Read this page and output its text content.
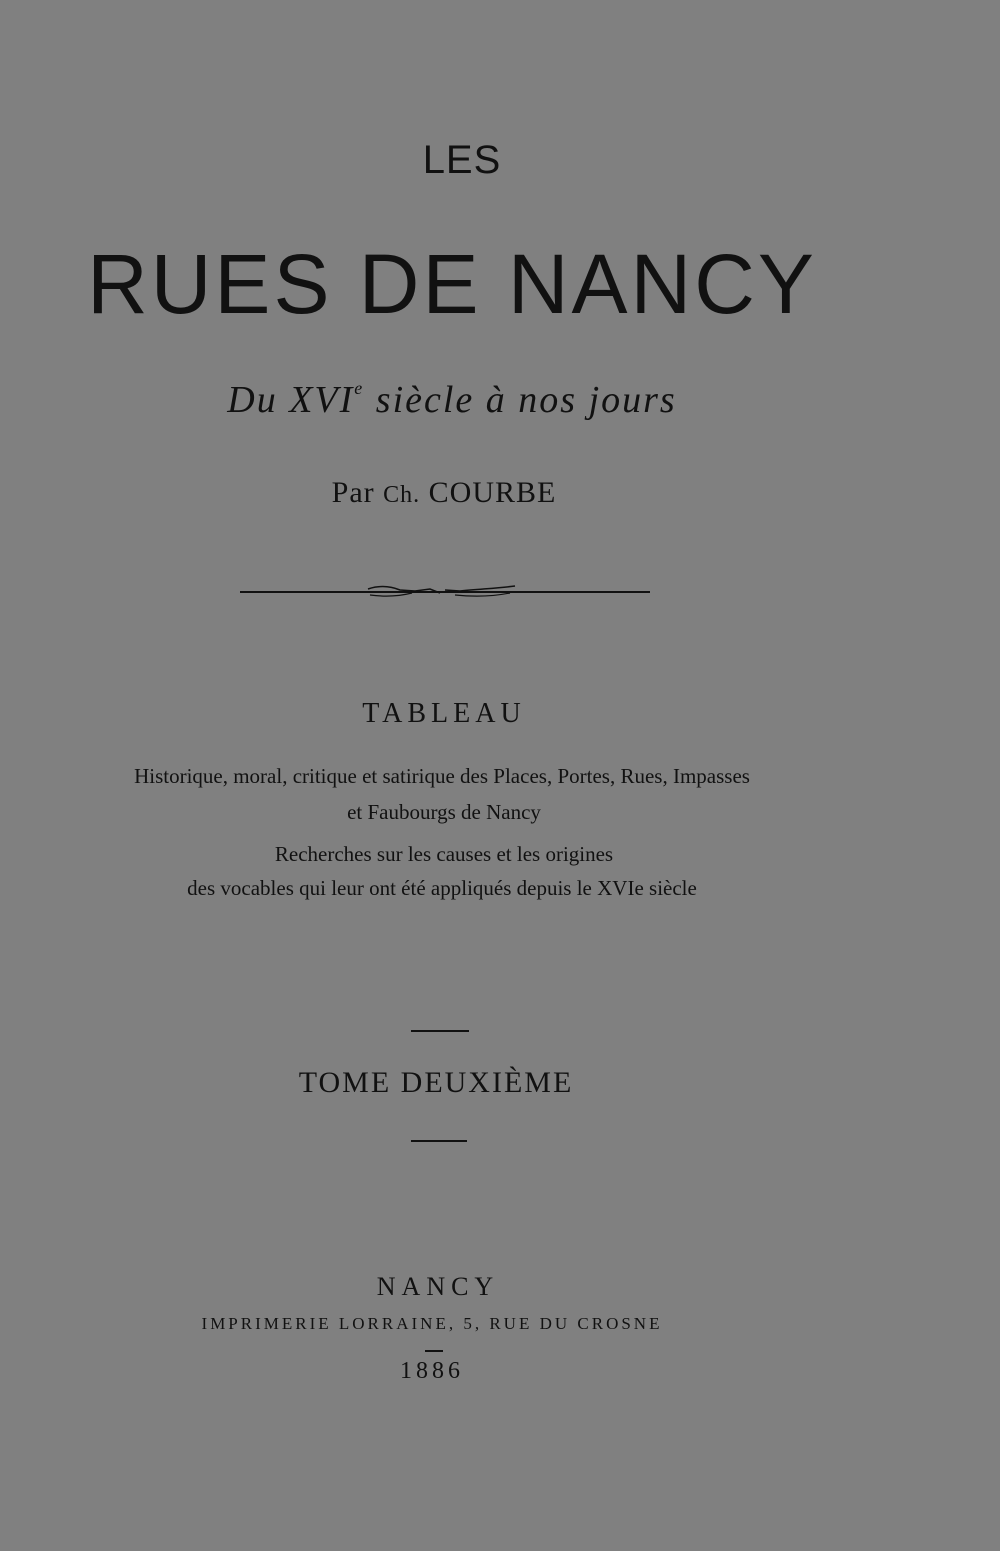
LES
RUES DE NANCY
Du XVIe siècle à nos jours
Par Ch. COURBE
TABLEAU
Historique, moral, critique et satirique des Places, Portes, Rues, Impasses
et Faubourgs de Nancy
Recherches sur les causes et les origines
des vocables qui leur ont été appliqués depuis le XVIe siècle
TOME DEUXIÈME
NANCY
IMPRIMERIE LORRAINE, 5, RUE DU CROSNE
1886
